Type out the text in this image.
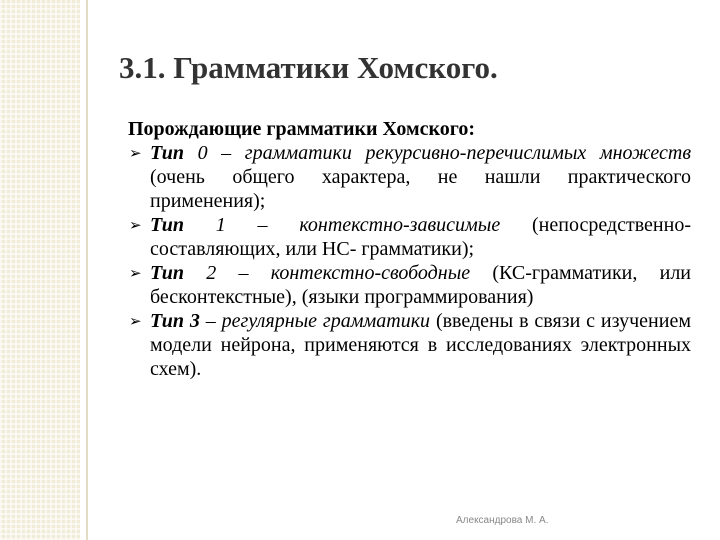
3.1. Грамматики Хомского.
Порождающие грамматики Хомского:
➢ Тип 0 – грамматики рекурсивно-перечислимых множеств (очень общего характера, не нашли практического применения);
➢ Тип 1 – контекстно-зависимые (непосредственно-составляющих, или НС- грамматики);
➢ Тип 2 – контекстно-свободные (КС-грамматики, или бесконтекстные), (языки программирования)
➢ Тип 3 – регулярные грамматики (введены в связи с изучением модели нейрона, применяются в исследованиях электронных схем).
Александрова М. А.
